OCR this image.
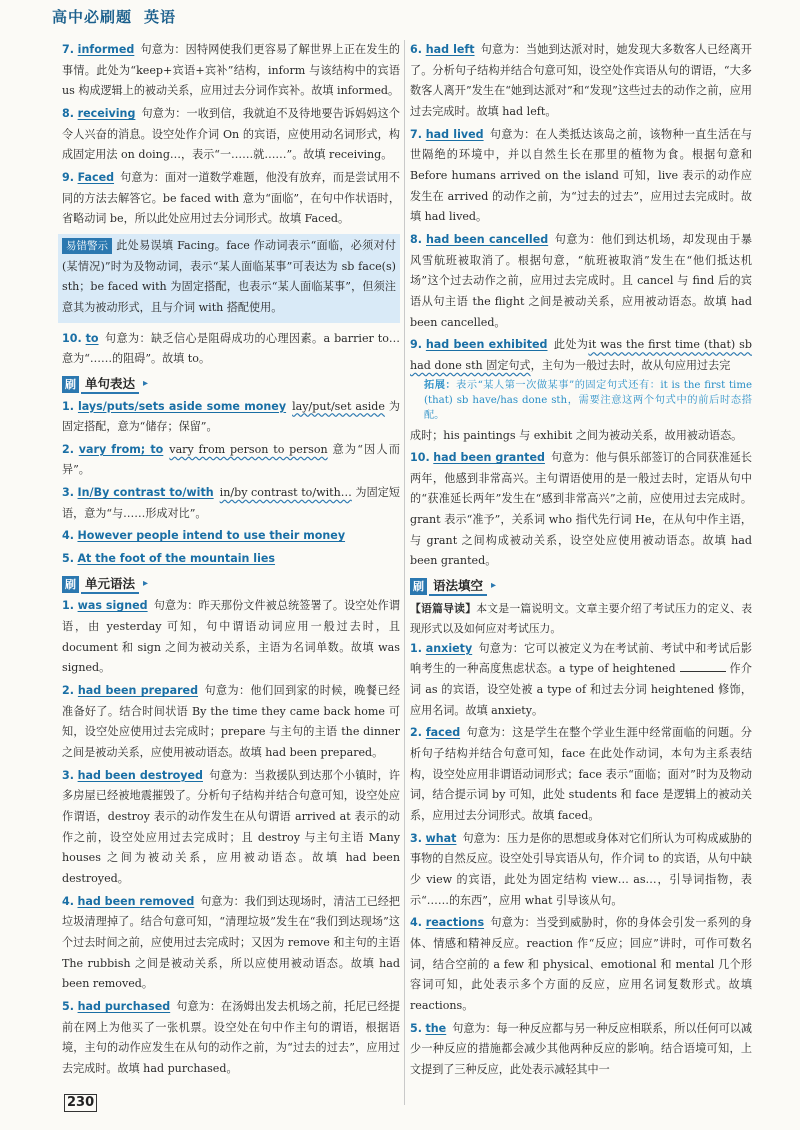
高中必刷题 英语
7. informed 句意为：因特网使我们更容易了解世界上正在发生的事情。此处为“keep+宾语+宾补”结构，inform 与该结构中的宾语 us 构成逻辑上的被动关系，应用过去分词作宾补。故填 informed。
8. receiving 句意为：一收到信，我就迫不及待地要告诉妈妈这个令人兴奋的消息。设空处作介词 On 的宾语，应使用动名词形式，构成固定用法 on doing…，表示“一……就……”。故填 receiving。
9. Faced 句意为：面对一道数学难题，他没有放弃，而是尝试用不同的方法去解答它。be faced with 意为“面临”，在句中作状语时，省略动词 be，所以此处应用过去分词形式。故填 Faced。
易错警示 此处易误填 Facing。face 作动词表示“面临，必须对付(某情况)”时为及物动词，表示“某人面临某事”可表达为 sb face(s) sth；be faced with 为固定搭配，也表示“某人面临某事”，但须注意其为被动形式，且与介词 with 搭配使用。
10. to 句意为：缺乏信心是阻碍成功的心理因素。a barrier to… 意为“……的阻碍”。故填 to。
刷 单句表达 ▸
1. lays/puts/sets aside some money lay/put/set aside 为固定搭配，意为“储存；保留”。
2. vary from; to vary from person to person 意为“因人而异”。
3. In/By contrast to/with in/by contrast to/with… 为固定短语，意为“与……形成对比”。
4. However people intend to use their money
5. At the foot of the mountain lies
刷 单元语法 ▸
1. was signed 句意为：昨天那份文件被总统签署了。设空处作谓语，由 yesterday 可知，句中谓语动词应用一般过去时，且 document 和 sign 之间为被动关系，主语为名词单数。故填 was signed。
2. had been prepared 句意为：他们回到家的时候，晚餐已经准备好了。结合时间状语 By the time they came back home 可知，设空处应使用过去完成时；prepare 与主句的主语 the dinner 之间是被动关系，应使用被动语态。故填 had been prepared。
3. had been destroyed 句意为：当救援队到达那个小镇时，许多房屋已经被地震摧毁了。分析句子结构并结合句意可知，设空处应作谓语，destroy 表示的动作发生在从句谓语 arrived at 表示的动作之前，设空处应用过去完成时；且 destroy 与主句主语 Many houses 之间为被动关系，应用被动语态。故填 had been destroyed。
4. had been removed 句意为：我们到达现场时，清洁工已经把垃圾清理掉了。结合句意可知，“清理垃圾”发生在“我们到达现场”这个过去时间之前，应使用过去完成时；又因为 remove 和主句的主语 The rubbish 之间是被动关系，所以应使用被动语态。故填 had been removed。
5. had purchased 句意为：在汤姆出发去机场之前，托尼已经提前在网上为他买了一张机票。设空处在句中作主句的谓语，根据语境，主句的动作应发生在从句的动作之前，为“过去的过去”，应用过去完成时。故填 had purchased。
6. had left 句意为：当她到达派对时，她发现大多数客人已经离开了。分析句子结构并结合句意可知，设空处作宾语从句的谓语，“大多数客人离开”发生在“她到达派对”和“发现”这些过去的动作之前，应用过去完成时。故填 had left。
7. had lived 句意为：在人类抵达该岛之前，该物种一直生活在与世隔绝的环境中，并以自然生长在那里的植物为食。根据句意和 Before humans arrived on the island 可知，live 表示的动作应发生在 arrived 的动作之前，为“过去的过去”，应用过去完成时。故填 had lived。
8. had been cancelled 句意为：他们到达机场，却发现由于暴风雪航班被取消了。根据句意，“航班被取消”发生在“他们抵达机场”这个过去动作之前，应用过去完成时。且 cancel 与 find 后的宾语从句主语 the flight 之间是被动关系，应用被动语态。故填 had been cancelled。
9. had been exhibited 此处为it was the first time (that) sb had done sth 固定句式，主句为一般过去时，故从句应用过去完
拓展：表示“某人第一次做某事”的固定句式还有：it is the first time (that) sb have/has done sth，需要注意这两个句式中的前后时态搭配。
成时；his paintings 与 exhibit 之间为被动关系，故用被动语态。
10. had been granted 句意为：他与俱乐部签订的合同获准延长两年，他感到非常高兴。主句谓语使用的是一般过去时，定语从句中的“获准延长两年”发生在“感到非常高兴”之前，应使用过去完成时。grant 表示“准予”，关系词 who 指代先行词 He，在从句中作主语，与 grant 之间构成被动关系，设空处应使用被动语态。故填 had been granted。
刷 语法填空 ▸
【语篇导读】本文是一篇说明文。文章主要介绍了考试压力的定义、表现形式以及如何应对考试压力。
1. anxiety 句意为：它可以被定义为在考试前、考试中和考试后影响考生的一种高度焦虑状态。a type of heightened	作介词 as 的宾语，设空处被 a type of 和过去分词 heightened 修饰，应用名词。故填 anxiety。
2. faced 句意为：这是学生在整个学业生涯中经常面临的问题。分析句子结构并结合句意可知，face 在此处作动词，本句为主系表结构，设空处应用非谓语动词形式；face 表示“面临；面对”时为及物动词，结合提示词 by 可知，此处 students 和 face 是逻辑上的被动关系，应用过去分词形式。故填 faced。
3. what 句意为：压力是你的思想或身体对它们所认为可构成威胁的事物的自然反应。设空处引导宾语从句，作介词 to 的宾语，从句中缺少 view 的宾语，此处为固定结构 view… as…，引导词指物，表示“……的东西”，应用 what 引导该从句。
4. reactions 句意为：当受到威胁时，你的身体会引发一系列的身体、情感和精神反应。reaction 作“反应；回应”讲时，可作可数名词，结合空前的 a few 和 physical、emotional 和 mental 几个形容词可知，此处表示多个方面的反应，应用名词复数形式。故填 reactions。
5. the 句意为：每一种反应都与另一种反应相联系，所以任何可以减少一种反应的措施都会减少其他两种反应的影响。结合语境可知，上文提到了三种反应，此处表示减轻其中一
230
